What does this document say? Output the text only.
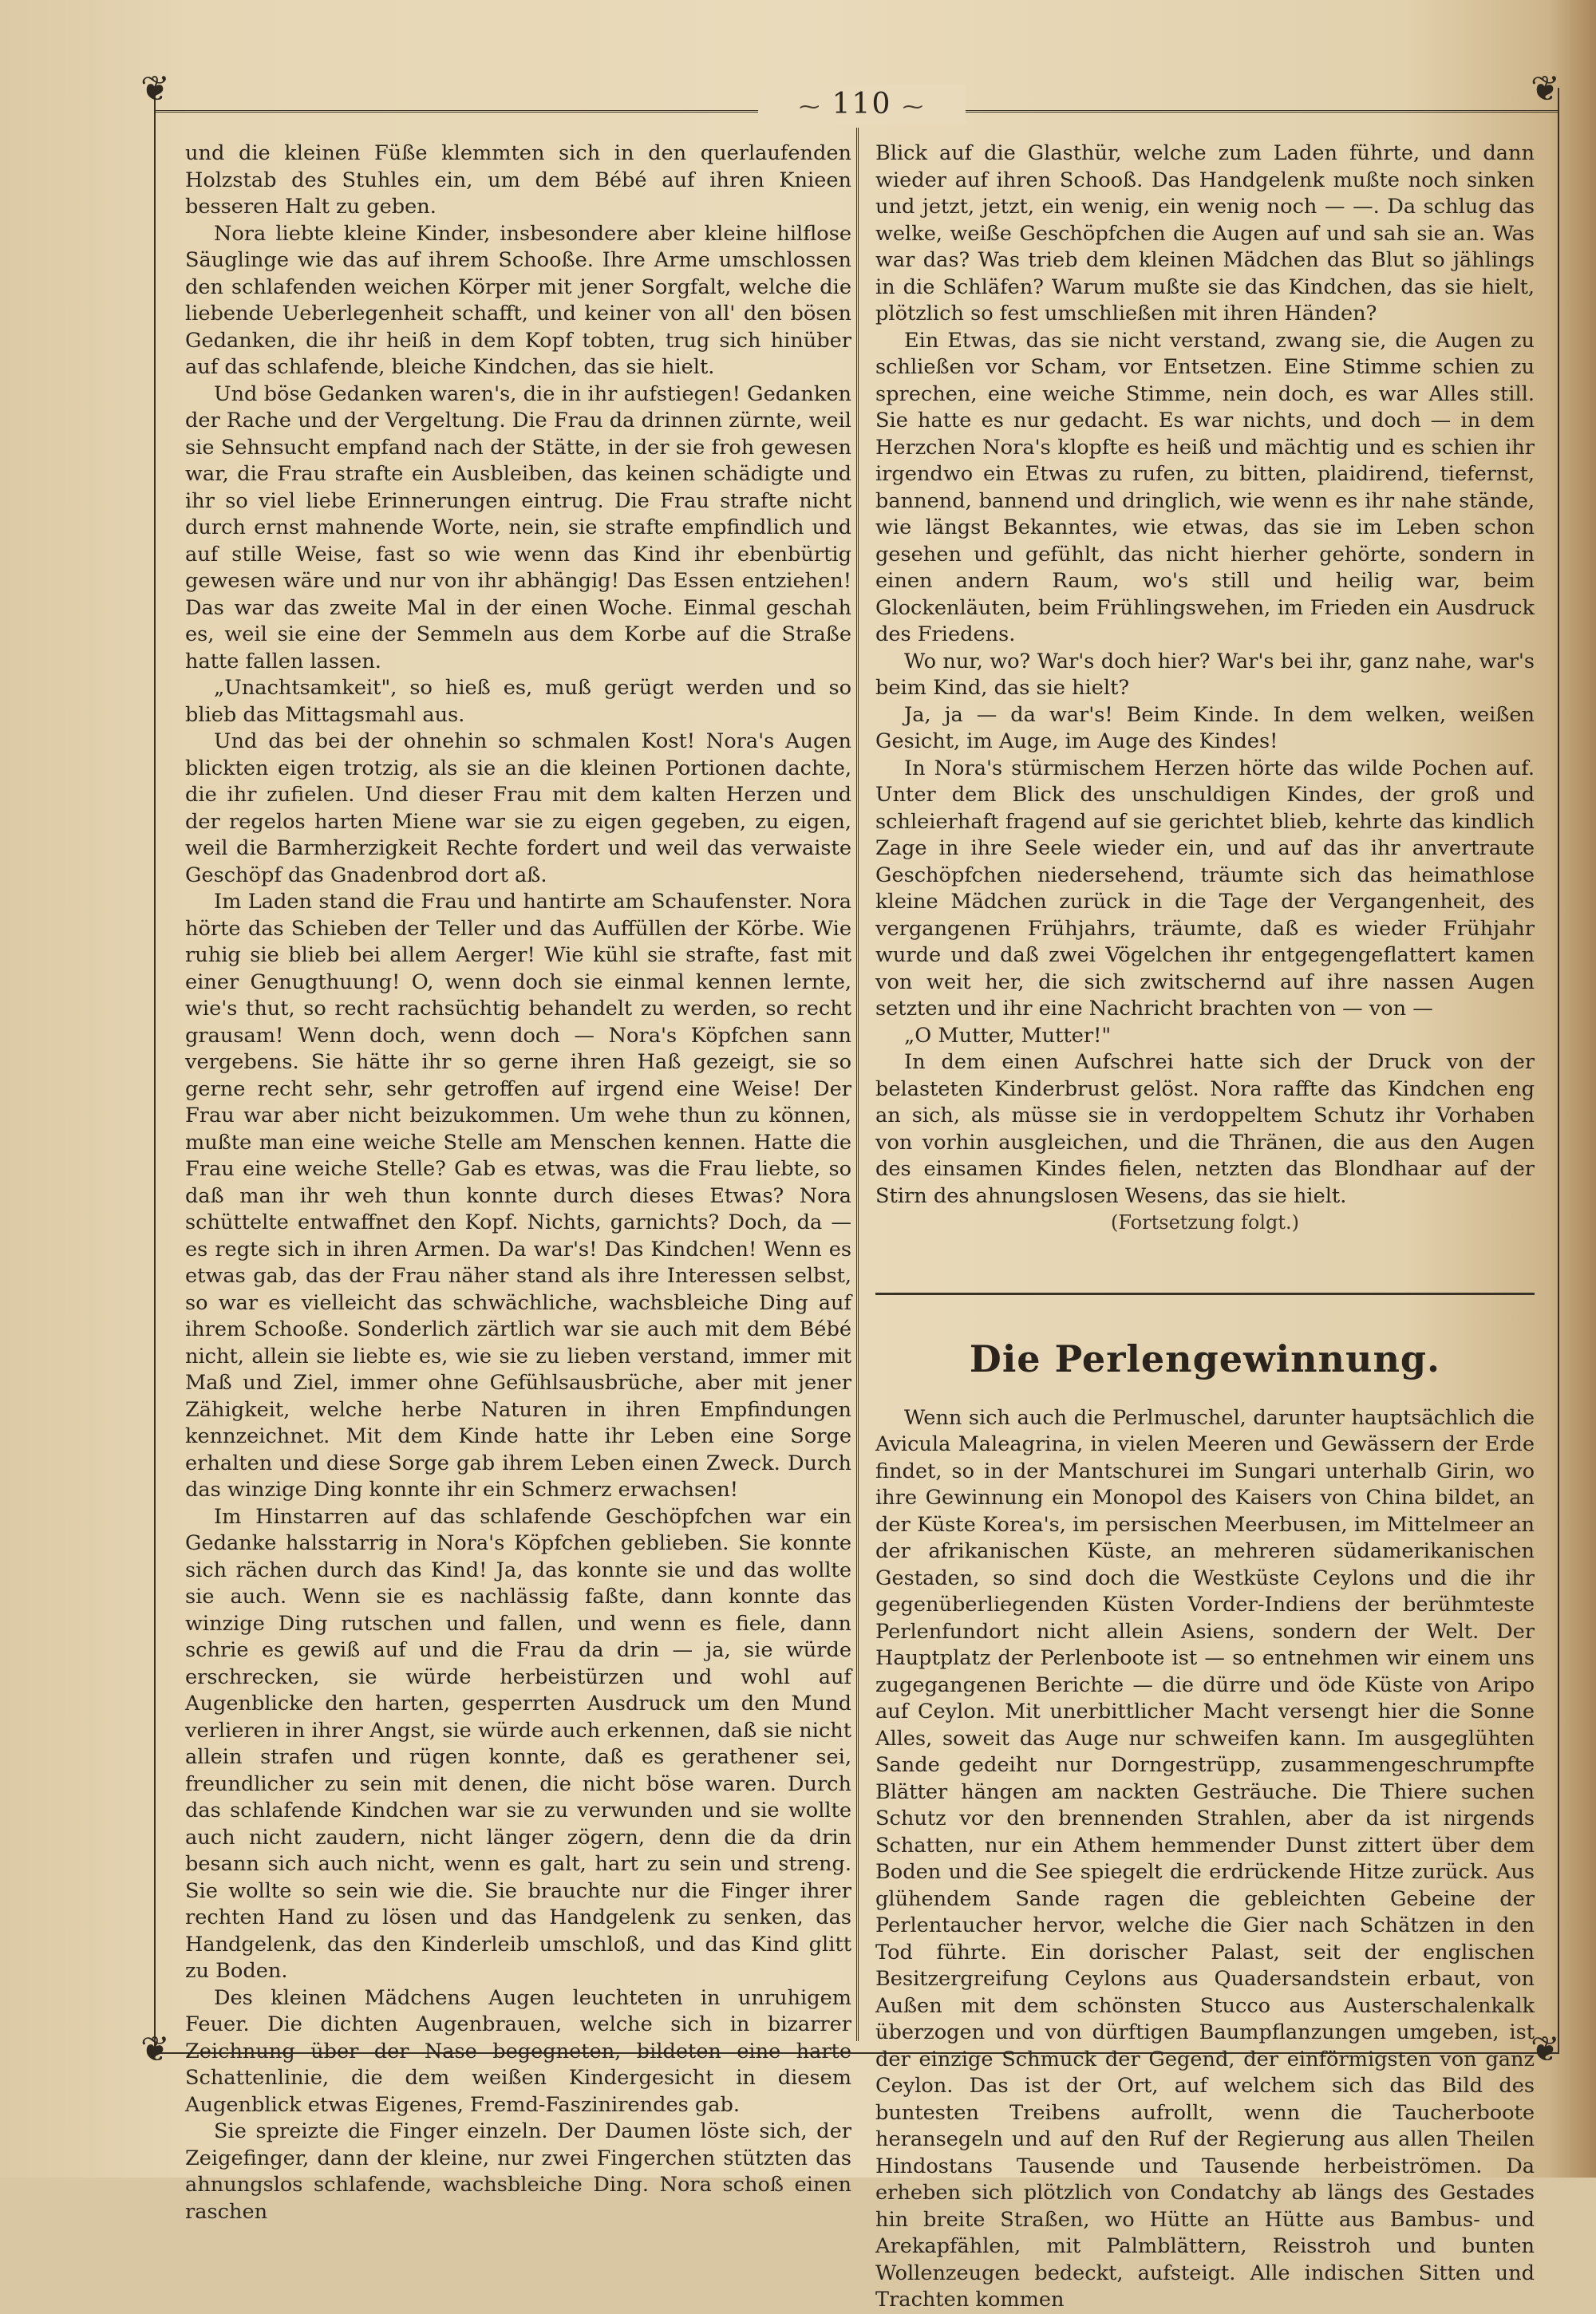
❦	❦
❦	❦
⁓ 110 ⁓

und die kleinen Füße klemmten sich in den querlaufenden Holzstab des Stuhles ein, um dem Bébé auf ihren Knieen besseren Halt zu geben.

Nora liebte kleine Kinder, insbesondere aber kleine hilflose Säuglinge wie das auf ihrem Schooße. Ihre Arme umschlossen den schlafenden weichen Körper mit jener Sorgfalt, welche die liebende Ueberlegenheit schafft, und keiner von all' den bösen Gedanken, die ihr heiß in dem Kopf tobten, trug sich hinüber auf das schlafende, bleiche Kindchen, das sie hielt.

Und böse Gedanken waren's, die in ihr aufstiegen! Gedanken der Rache und der Vergeltung. Die Frau da drinnen zürnte, weil sie Sehnsucht empfand nach der Stätte, in der sie froh gewesen war, die Frau strafte ein Ausbleiben, das keinen schädigte und ihr so viel liebe Erinnerungen eintrug. Die Frau strafte nicht durch ernst mahnende Worte, nein, sie strafte empfindlich und auf stille Weise, fast so wie wenn das Kind ihr ebenbürtig gewesen wäre und nur von ihr abhängig! Das Essen entziehen! Das war das zweite Mal in der einen Woche. Einmal geschah es, weil sie eine der Semmeln aus dem Korbe auf die Straße hatte fallen lassen.

„Unachtsamkeit", so hieß es, muß gerügt werden und so blieb das Mittagsmahl aus.

Und das bei der ohnehin so schmalen Kost! Nora's Augen blickten eigen trotzig, als sie an die kleinen Portionen dachte, die ihr zufielen. Und dieser Frau mit dem kalten Herzen und der regelos harten Miene war sie zu eigen gegeben, zu eigen, weil die Barmherzigkeit Rechte fordert und weil das verwaiste Geschöpf das Gnadenbrod dort aß.

Im Laden stand die Frau und hantirte am Schaufenster. Nora hörte das Schieben der Teller und das Auffüllen der Körbe. Wie ruhig sie blieb bei allem Aerger! Wie kühl sie strafte, fast mit einer Genugthuung! O, wenn doch sie einmal kennen lernte, wie's thut, so recht rachsüchtig behandelt zu werden, so recht grausam! Wenn doch, wenn doch — Nora's Köpfchen sann vergebens. Sie hätte ihr so gerne ihren Haß gezeigt, sie so gerne recht sehr, sehr getroffen auf irgend eine Weise! Der Frau war aber nicht beizukommen. Um wehe thun zu können, mußte man eine weiche Stelle am Menschen kennen. Hatte die Frau eine weiche Stelle? Gab es etwas, was die Frau liebte, so daß man ihr weh thun konnte durch dieses Etwas? Nora schüttelte entwaffnet den Kopf. Nichts, garnichts? Doch, da — es regte sich in ihren Armen. Da war's! Das Kindchen! Wenn es etwas gab, das der Frau näher stand als ihre Interessen selbst, so war es vielleicht das schwächliche, wachsbleiche Ding auf ihrem Schooße. Sonderlich zärtlich war sie auch mit dem Bébé nicht, allein sie liebte es, wie sie zu lieben verstand, immer mit Maß und Ziel, immer ohne Gefühlsausbrüche, aber mit jener Zähigkeit, welche herbe Naturen in ihren Empfindungen kennzeichnet. Mit dem Kinde hatte ihr Leben eine Sorge erhalten und diese Sorge gab ihrem Leben einen Zweck. Durch das winzige Ding konnte ihr ein Schmerz erwachsen!

Im Hinstarren auf das schlafende Geschöpfchen war ein Gedanke halsstarrig in Nora's Köpfchen geblieben. Sie konnte sich rächen durch das Kind! Ja, das konnte sie und das wollte sie auch. Wenn sie es nachlässig faßte, dann konnte das winzige Ding rutschen und fallen, und wenn es fiele, dann schrie es gewiß auf und die Frau da drin — ja, sie würde erschrecken, sie würde herbeistürzen und wohl auf Augenblicke den harten, gesperrten Ausdruck um den Mund verlieren in ihrer Angst, sie würde auch erkennen, daß sie nicht allein strafen und rügen konnte, daß es gerathener sei, freundlicher zu sein mit denen, die nicht böse waren. Durch das schlafende Kindchen war sie zu verwunden und sie wollte auch nicht zaudern, nicht länger zögern, denn die da drin besann sich auch nicht, wenn es galt, hart zu sein und streng. Sie wollte so sein wie die. Sie brauchte nur die Finger ihrer rechten Hand zu lösen und das Handgelenk zu senken, das Handgelenk, das den Kinderleib umschloß, und das Kind glitt zu Boden.

Des kleinen Mädchens Augen leuchteten in unruhigem Feuer. Die dichten Augenbrauen, welche sich in bizarrer Zeichnung über der Nase begegneten, bildeten eine harte Schattenlinie, die dem weißen Kindergesicht in diesem Augenblick etwas Eigenes, Fremd-Faszinirendes gab.

Sie spreizte die Finger einzeln. Der Daumen löste sich, der Zeigefinger, dann der kleine, nur zwei Fingerchen stützten das ahnungslos schlafende, wachsbleiche Ding. Nora schoß einen raschen

Blick auf die Glasthür, welche zum Laden führte, und dann wieder auf ihren Schooß. Das Handgelenk mußte noch sinken und jetzt, jetzt, ein wenig, ein wenig noch — —. Da schlug das welke, weiße Geschöpfchen die Augen auf und sah sie an. Was war das? Was trieb dem kleinen Mädchen das Blut so jählings in die Schläfen? Warum mußte sie das Kindchen, das sie hielt, plötzlich so fest umschließen mit ihren Händen?

Ein Etwas, das sie nicht verstand, zwang sie, die Augen zu schließen vor Scham, vor Entsetzen. Eine Stimme schien zu sprechen, eine weiche Stimme, nein doch, es war Alles still. Sie hatte es nur gedacht. Es war nichts, und doch — in dem Herzchen Nora's klopfte es heiß und mächtig und es schien ihr irgendwo ein Etwas zu rufen, zu bitten, plaidirend, tiefernst, bannend, bannend und dringlich, wie wenn es ihr nahe stände, wie längst Bekanntes, wie etwas, das sie im Leben schon gesehen und gefühlt, das nicht hierher gehörte, sondern in einen andern Raum, wo's still und heilig war, beim Glockenläuten, beim Frühlingswehen, im Frieden ein Ausdruck des Friedens.

Wo nur, wo? War's doch hier? War's bei ihr, ganz nahe, war's beim Kind, das sie hielt?

Ja, ja — da war's! Beim Kinde. In dem welken, weißen Gesicht, im Auge, im Auge des Kindes!

In Nora's stürmischem Herzen hörte das wilde Pochen auf. Unter dem Blick des unschuldigen Kindes, der groß und schleierhaft fragend auf sie gerichtet blieb, kehrte das kindlich Zage in ihre Seele wieder ein, und auf das ihr anvertraute Geschöpfchen niedersehend, träumte sich das heimathlose kleine Mädchen zurück in die Tage der Vergangenheit, des vergangenen Frühjahrs, träumte, daß es wieder Frühjahr wurde und daß zwei Vögelchen ihr entgegengeflattert kamen von weit her, die sich zwitschernd auf ihre nassen Augen setzten und ihr eine Nachricht brachten von — von —

„O Mutter, Mutter!"

In dem einen Aufschrei hatte sich der Druck von der belasteten Kinderbrust gelöst. Nora raffte das Kindchen eng an sich, als müsse sie in verdoppeltem Schutz ihr Vorhaben von vorhin ausgleichen, und die Thränen, die aus den Augen des einsamen Kindes fielen, netzten das Blondhaar auf der Stirn des ahnungslosen Wesens, das sie hielt.

(Fortsetzung folgt.)

Die Perlengewinnung.

Wenn sich auch die Perlmuschel, darunter hauptsächlich die Avicula Maleagrina, in vielen Meeren und Gewässern der Erde findet, so in der Mantschurei im Sungari unterhalb Girin, wo ihre Gewinnung ein Monopol des Kaisers von China bildet, an der Küste Korea's, im persischen Meerbusen, im Mittelmeer an der afrikanischen Küste, an mehreren südamerikanischen Gestaden, so sind doch die Westküste Ceylons und die ihr gegenüberliegenden Küsten Vorder-Indiens der berühmteste Perlenfundort nicht allein Asiens, sondern der Welt. Der Hauptplatz der Perlenboote ist — so entnehmen wir einem uns zugegangenen Berichte — die dürre und öde Küste von Aripo auf Ceylon. Mit unerbittlicher Macht versengt hier die Sonne Alles, soweit das Auge nur schweifen kann. Im ausgeglühten Sande gedeiht nur Dorngestrüpp, zusammengeschrumpfte Blätter hängen am nackten Gesträuche. Die Thiere suchen Schutz vor den brennenden Strahlen, aber da ist nirgends Schatten, nur ein Athem hemmender Dunst zittert über dem Boden und die See spiegelt die erdrückende Hitze zurück. Aus glühendem Sande ragen die gebleichten Gebeine der Perlentaucher hervor, welche die Gier nach Schätzen in den Tod führte. Ein dorischer Palast, seit der englischen Besitzergreifung Ceylons aus Quadersandstein erbaut, von Außen mit dem schönsten Stucco aus Austerschalenkalk überzogen und von dürftigen Baumpflanzungen umgeben, ist der einzige Schmuck der Gegend, der einförmigsten von ganz Ceylon. Das ist der Ort, auf welchem sich das Bild des buntesten Treibens aufrollt, wenn die Taucherboote heransegeln und auf den Ruf der Regierung aus allen Theilen Hindostans Tausende und Tausende herbeiströmen. Da erheben sich plötzlich von Condatchy ab längs des Gestades hin breite Straßen, wo Hütte an Hütte aus Bambus- und Arekapfählen, mit Palmblättern, Reisstroh und bunten Wollenzeugen bedeckt, aufsteigt. Alle indischen Sitten und Trachten kommen
